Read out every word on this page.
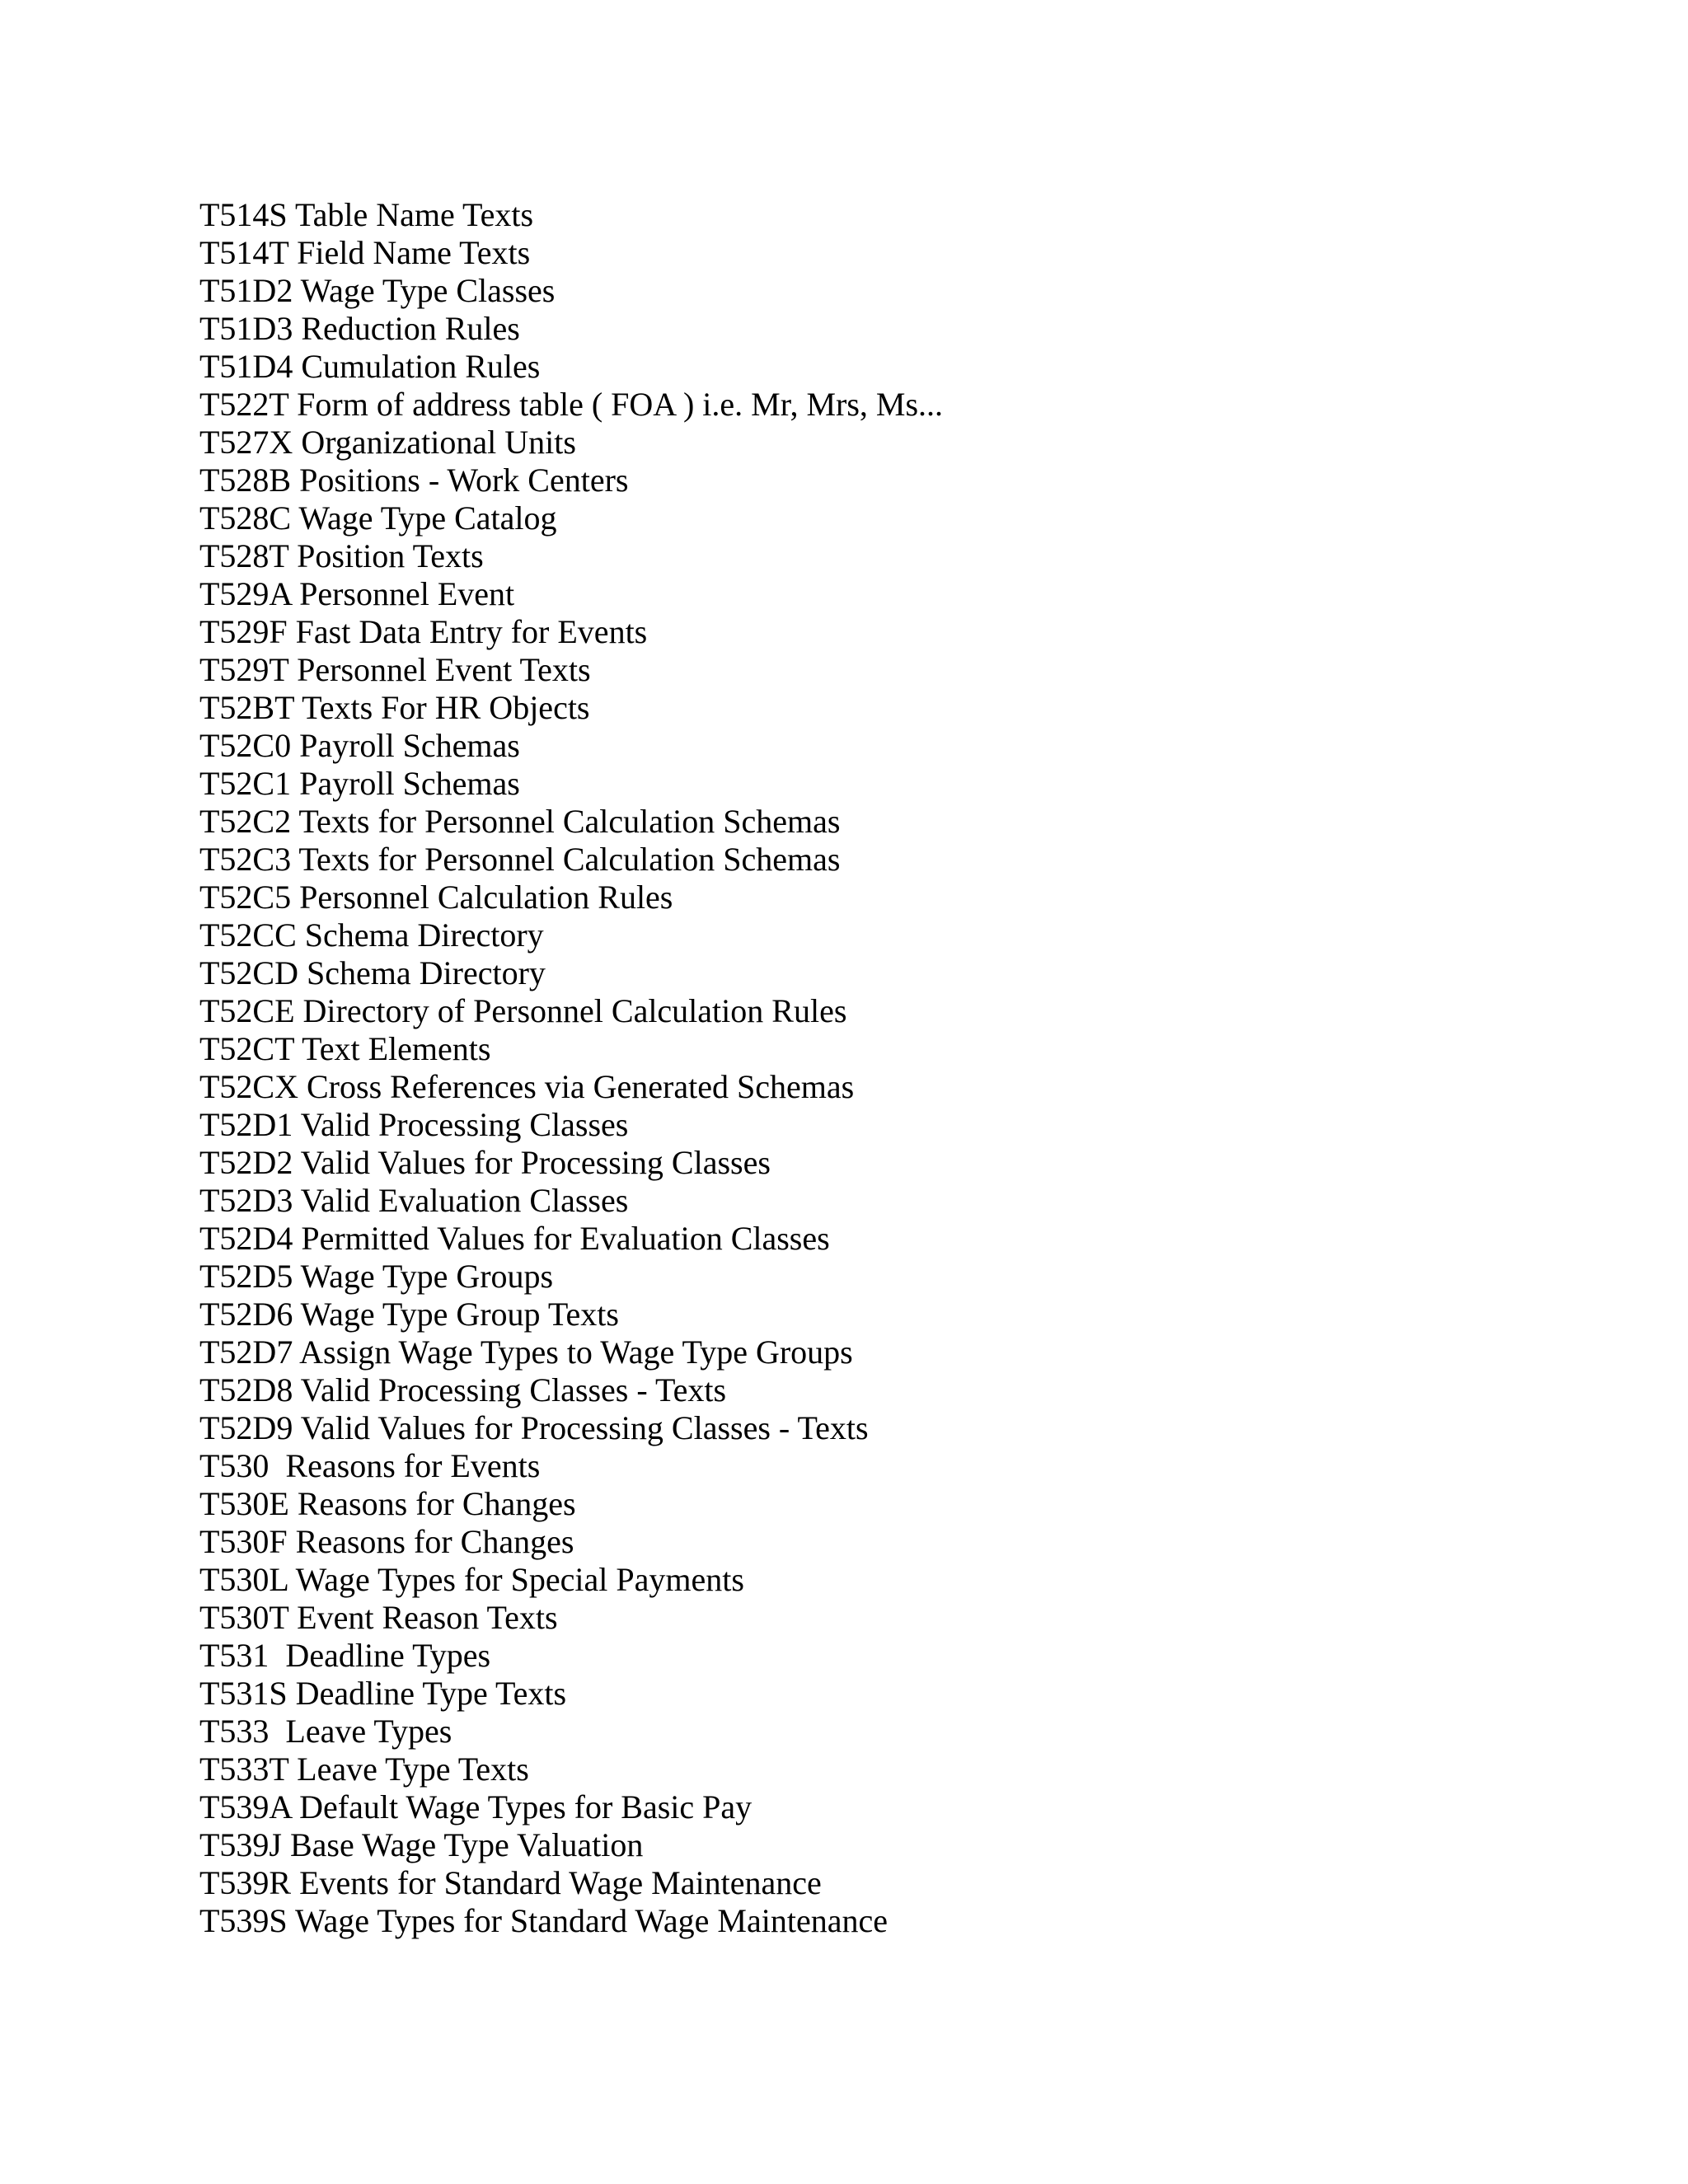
T514S Table Name Texts
T514T Field Name Texts
T51D2 Wage Type Classes
T51D3 Reduction Rules
T51D4 Cumulation Rules
T522T Form of address table ( FOA ) i.e. Mr, Mrs, Ms...
T527X Organizational Units
T528B Positions - Work Centers
T528C Wage Type Catalog
T528T Position Texts
T529A Personnel Event
T529F Fast Data Entry for Events
T529T Personnel Event Texts
T52BT Texts For HR Objects
T52C0 Payroll Schemas
T52C1 Payroll Schemas
T52C2 Texts for Personnel Calculation Schemas
T52C3 Texts for Personnel Calculation Schemas
T52C5 Personnel Calculation Rules
T52CC Schema Directory
T52CD Schema Directory
T52CE Directory of Personnel Calculation Rules
T52CT Text Elements
T52CX Cross References via Generated Schemas
T52D1 Valid Processing Classes
T52D2 Valid Values for Processing Classes
T52D3 Valid Evaluation Classes
T52D4 Permitted Values for Evaluation Classes
T52D5 Wage Type Groups
T52D6 Wage Type Group Texts
T52D7 Assign Wage Types to Wage Type Groups
T52D8 Valid Processing Classes - Texts
T52D9 Valid Values for Processing Classes - Texts
T530  Reasons for Events
T530E Reasons for Changes
T530F Reasons for Changes
T530L Wage Types for Special Payments
T530T Event Reason Texts
T531  Deadline Types
T531S Deadline Type Texts
T533  Leave Types
T533T Leave Type Texts
T539A Default Wage Types for Basic Pay
T539J Base Wage Type Valuation
T539R Events for Standard Wage Maintenance
T539S Wage Types for Standard Wage Maintenance
